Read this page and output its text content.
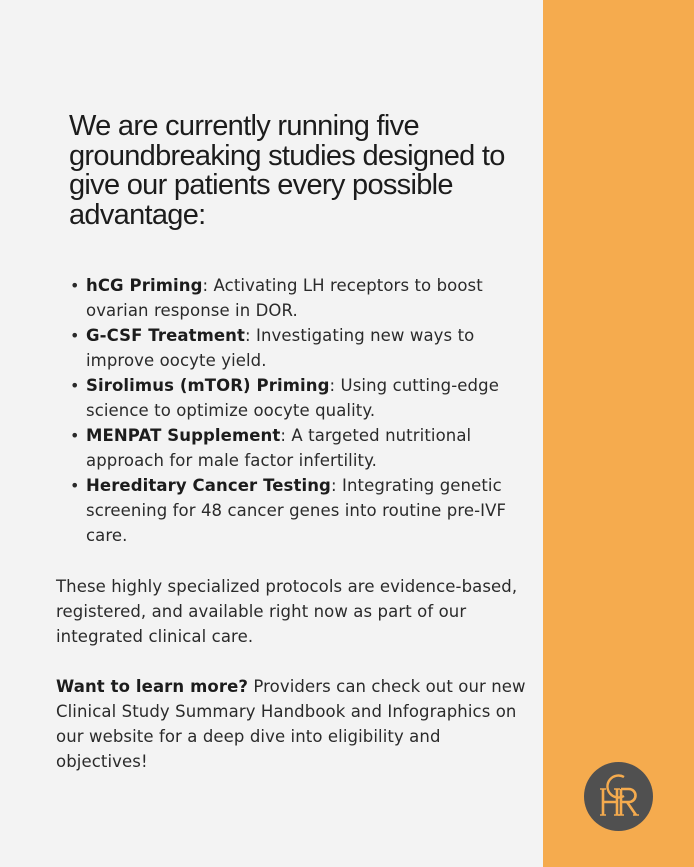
We are currently running five groundbreaking studies designed to give our patients every possible advantage:
• hCG Priming: Activating LH receptors to boost ovarian response in DOR.
• G-CSF Treatment: Investigating new ways to improve oocyte yield.
• Sirolimus (mTOR) Priming: Using cutting-edge science to optimize oocyte quality.
• MENPAT Supplement: A targeted nutritional approach for male factor infertility.
• Hereditary Cancer Testing: Integrating genetic screening for 48 cancer genes into routine pre-IVF care.

These highly specialized protocols are evidence-based, registered, and available right now as part of our integrated clinical care.

Want to learn more? Providers can check out our new Clinical Study Summary Handbook and Infographics on our website for a deep dive into eligibility and objectives!
